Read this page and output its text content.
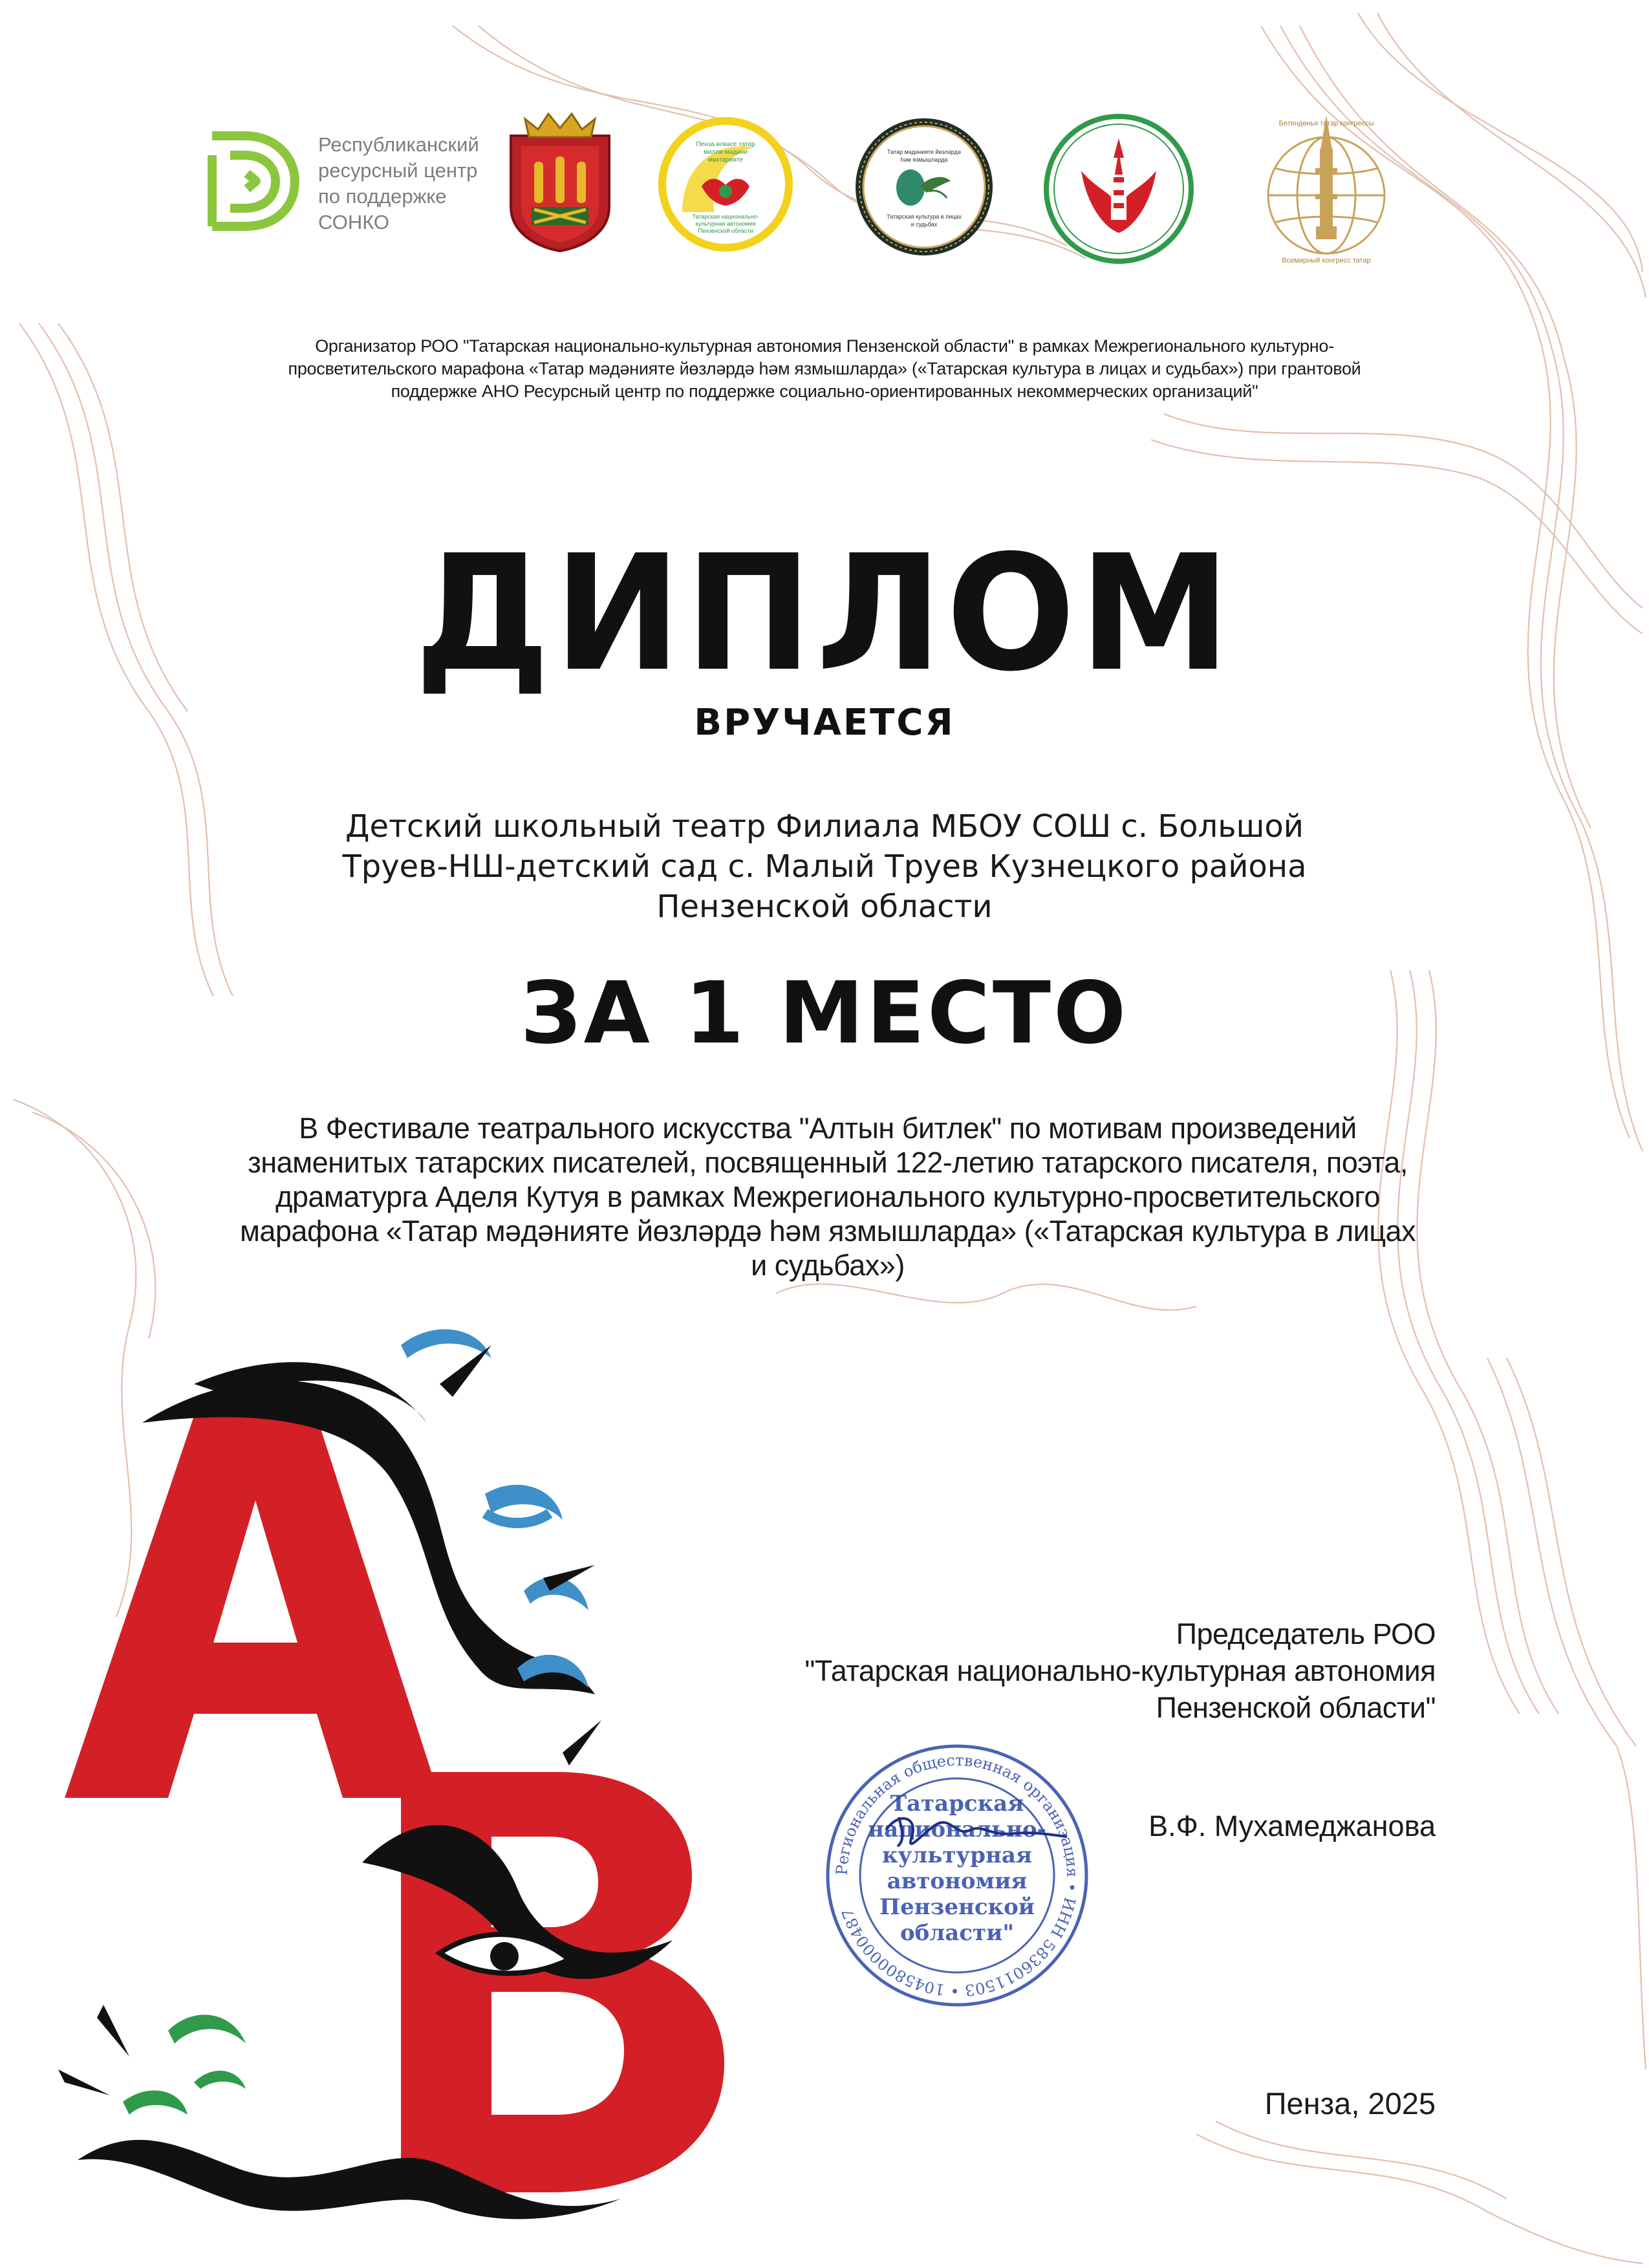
Республиканский
ресурсный центр
по поддержке
СОНКО
Пенза өлкәсе татар
милли-мәдәни
мөхтарияте
Татарская национально-
культурная автономия
Пензенской области
Татар мәдәнияте йөзләрдә
һәм язмышларда
Татарская культура в лицах
и судьбах
Бөтендөнья татар конгрессы
Всемирный конгресс татар
Организатор РОО "Татарская национально-культурная автономия Пензенской области" в рамках Межрегионального культурно-
просветительского марафона «Татар мәдәнияте йөзләрдә һәм язмышларда» («Татарская культура в лицах и судьбах») при грантовой
поддержке АНО Ресурсный центр по поддержке социально-ориентированных некоммерческих организаций"
ДИПЛОМ
ВРУЧАЕТСЯ
Детский школьный театр Филиала МБОУ СОШ с. Большой
Труев-НШ-детский сад с. Малый Труев Кузнецкого района
Пензенской области
ЗА 1 МЕСТО
В Фестивале театрального искусства "Алтын битлек" по мотивам произведений
знаменитых татарских писателей, посвященный 122-летию татарского писателя, поэта,
драматурга Аделя Кутуя в рамках Межрегионального культурно-просветительского
марафона «Татар мәдәнияте йөзләрдә һәм язмышларда» («Татарская культура в лицах
и судьбах»)
Председатель РОО
"Татарская национально-культурная автономия
Пензенской области"
Региональная общественная организация • ИНН 5836011503 • 1045800000487
Татарская
национально-
культурная
автономия
Пензенской
области"
В.Ф. Мухамеджанова
Пенза, 2025
